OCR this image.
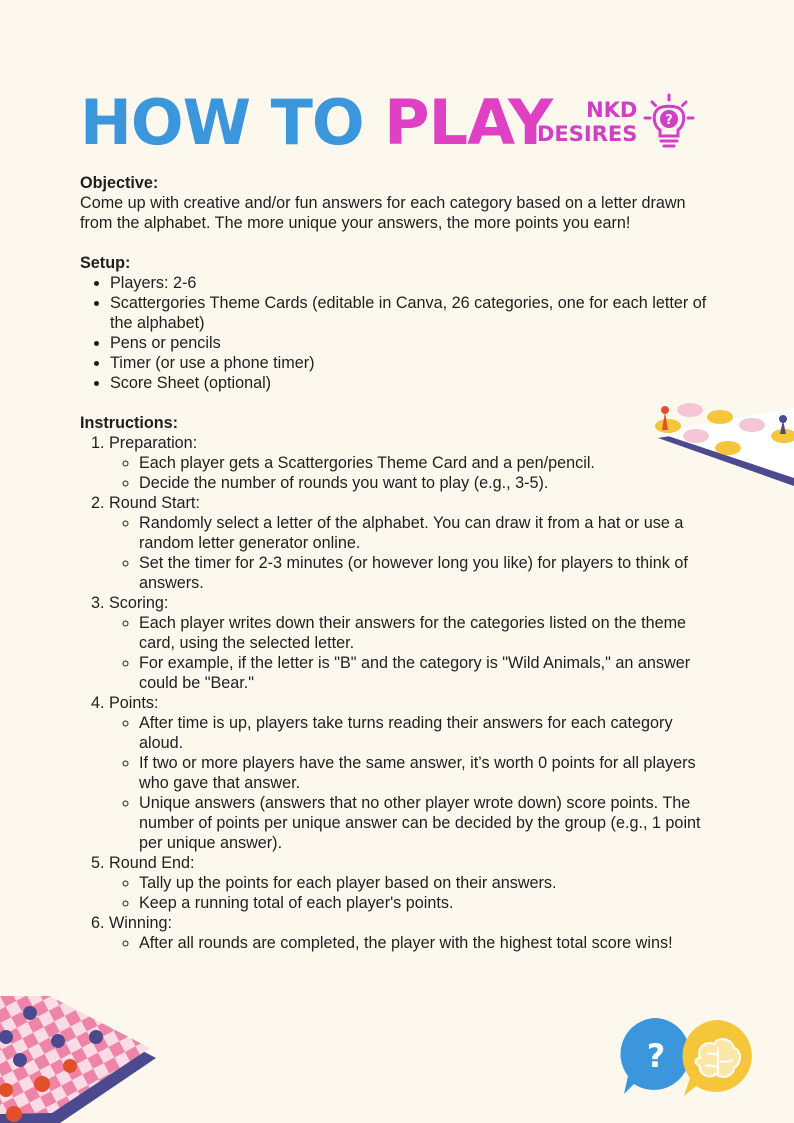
HOW TO PLAY	NKD
DESIRES
?

Objective:

Come up with creative and/or fun answers for each category based on a letter drawn from the alphabet. The more unique your answers, the more points you earn!

Setup:

• Players: 2-6
• Scattergories Theme Cards (editable in Canva, 26 categories, one for each letter of the alphabet)
• Pens or pencils
• Timer (or use a phone timer)
• Score Sheet (optional)

Instructions:

1. Preparation:
◦ Each player gets a Scattergories Theme Card and a pen/pencil.
◦ Decide the number of rounds you want to play (e.g., 3-5).
2. Round Start:
◦ Randomly select a letter of the alphabet. You can draw it from a hat or use a random letter generator online.
◦ Set the timer for 2-3 minutes (or however long you like) for players to think of answers.
3. Scoring:
◦ Each player writes down their answers for the categories listed on the theme card, using the selected letter.
◦ For example, if the letter is "B" and the category is "Wild Animals," an answer could be "Bear."
4. Points:
◦ After time is up, players take turns reading their answers for each category aloud.
◦ If two or more players have the same answer, it’s worth 0 points for all players who gave that answer.
◦ Unique answers (answers that no other player wrote down) score points. The number of points per unique answer can be decided by the group (e.g., 1 point per unique answer).
5. Round End:
◦ Tally up the points for each player based on their answers.
◦ Keep a running total of each player's points.
6. Winning:
◦ After all rounds are completed, the player with the highest total score wins!
?
